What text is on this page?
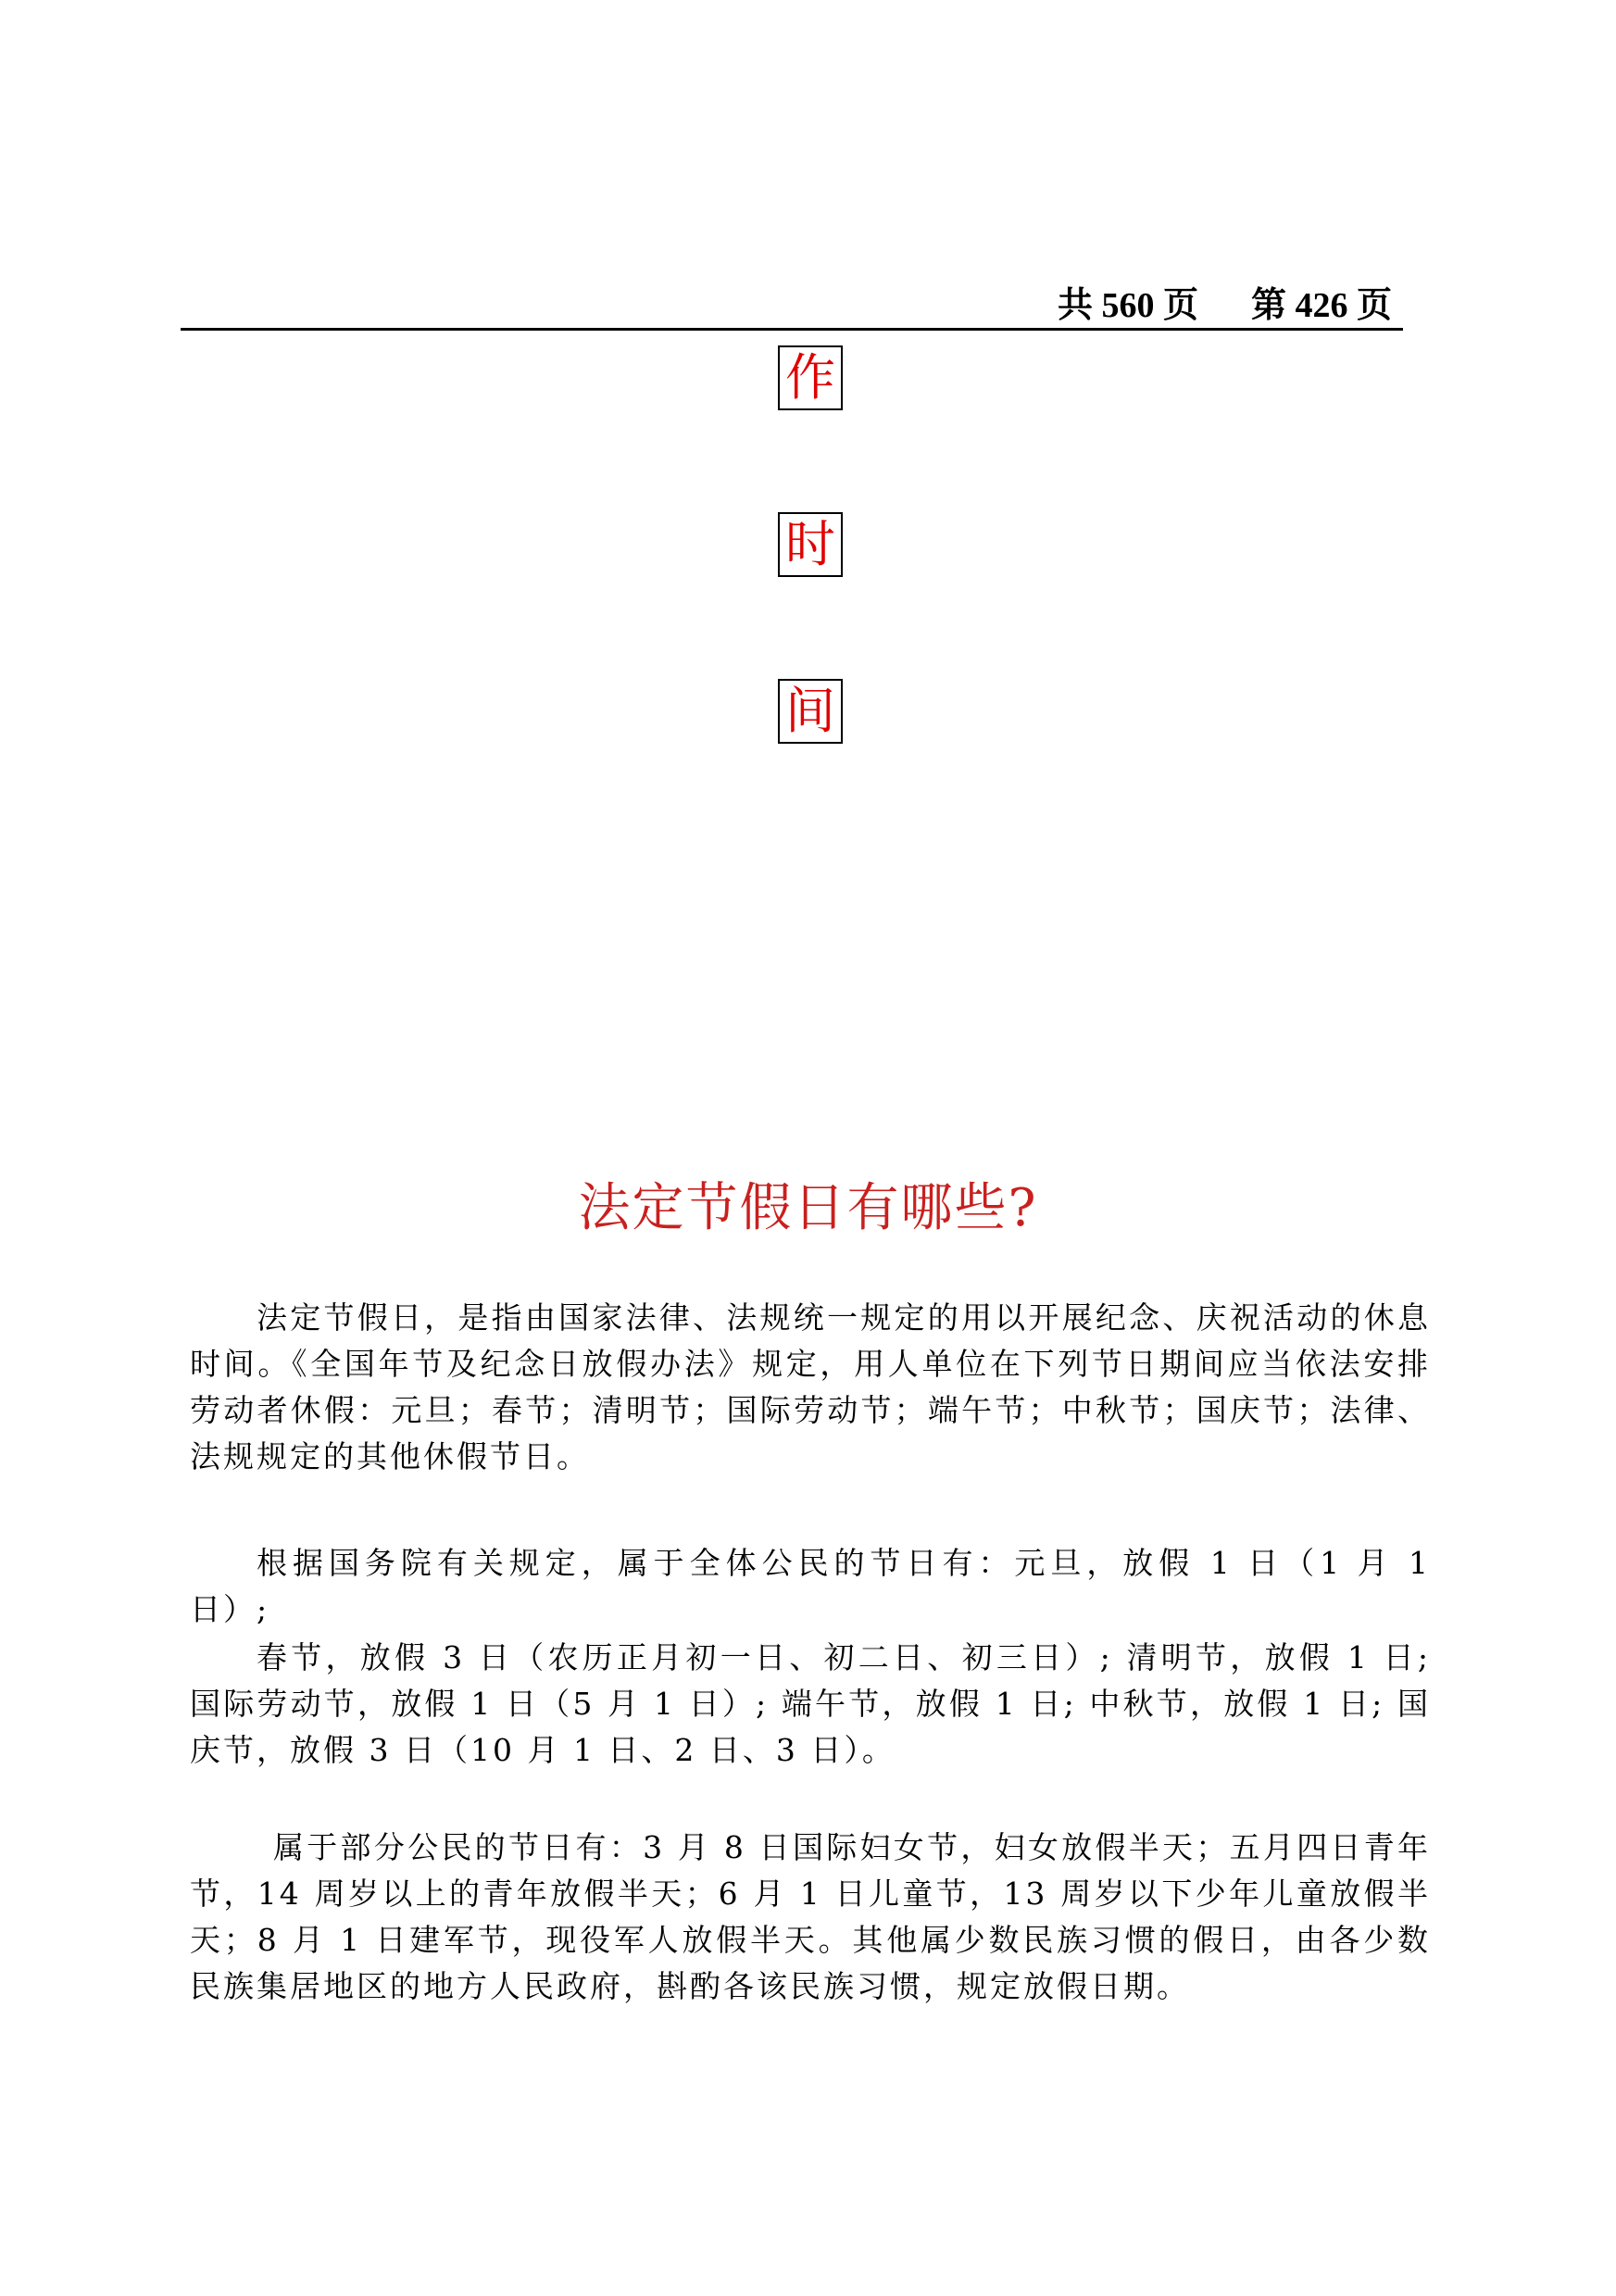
共 560 页      第 426 页
作
时
间
法定节假日有哪些?

法定节假日，是指由国家法律、法规统一规定的用以开展纪念、庆祝活动的休息时间。《全国年节及纪念日放假办法》规定，用人单位在下列节日期间应当依法安排劳动者休假：元旦；春节；清明节；国际劳动节；端午节；中秋节；国庆节；法律、法规规定的其他休假节日。

根据国务院有关规定，属于全体公民的节日有：元旦，放假 1 日（1 月 1 日）;

春节，放假 3 日（农历正月初一日、初二日、初三日）; 清明节，放假 1 日; 国际劳动节，放假 1 日（5 月 1 日）; 端午节，放假 1 日; 中秋节，放假 1 日; 国庆节，放假 3 日（10 月 1 日、2 日、3 日）。

属于部分公民的节日有：3 月 8 日国际妇女节，妇女放假半天；五月四日青年节，14 周岁以上的青年放假半天；6 月 1 日儿童节，13 周岁以下少年儿童放假半天；8 月 1 日建军节，现役军人放假半天。其他属少数民族习惯的假日，由各少数民族集居地区的地方人民政府，斟酌各该民族习惯，规定放假日期。
